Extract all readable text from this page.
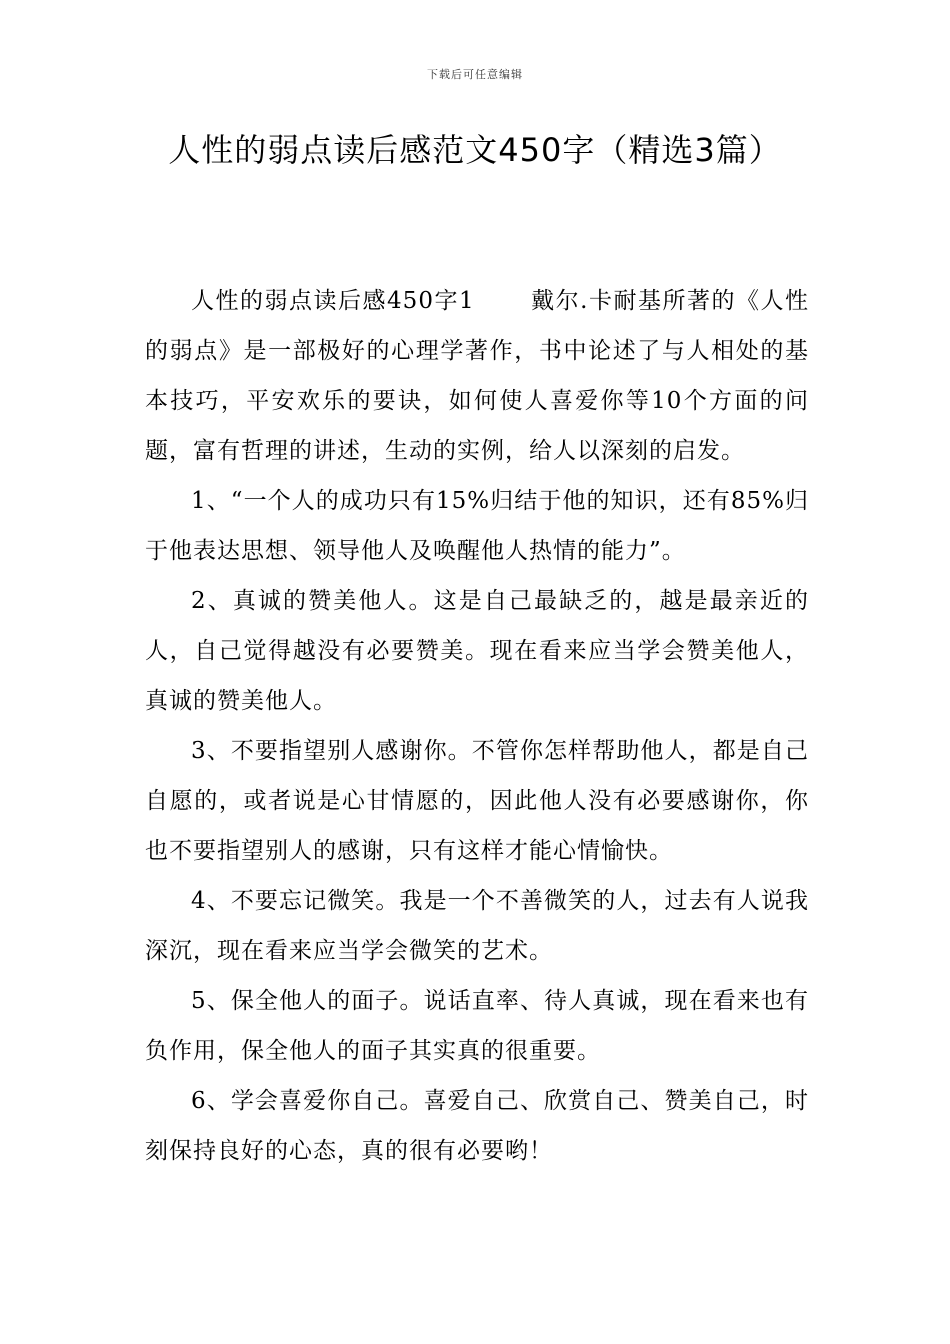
下载后可任意编辑
人性的弱点读后感范文450字（精选3篇）

人性的弱点读后感450字1 戴尔.卡耐基所著的《人性的弱点》是一部极好的心理学著作，书中论述了与人相处的基本技巧，平安欢乐的要诀，如何使人喜爱你等10个方面的问题，富有哲理的讲述，生动的实例，给人以深刻的启发。

1、“一个人的成功只有15%归结于他的知识，还有85%归于他表达思想、领导他人及唤醒他人热情的能力”。

2、真诚的赞美他人。这是自己最缺乏的，越是最亲近的人，自己觉得越没有必要赞美。现在看来应当学会赞美他人，真诚的赞美他人。

3、不要指望别人感谢你。不管你怎样帮助他人，都是自己自愿的，或者说是心甘情愿的，因此他人没有必要感谢你，你也不要指望别人的感谢，只有这样才能心情愉快。

4、不要忘记微笑。我是一个不善微笑的人，过去有人说我深沉，现在看来应当学会微笑的艺术。

5、保全他人的面子。说话直率、待人真诚，现在看来也有负作用，保全他人的面子其实真的很重要。

6、学会喜爱你自己。喜爱自己、欣赏自己、赞美自己，时刻保持良好的心态，真的很有必要哟！
